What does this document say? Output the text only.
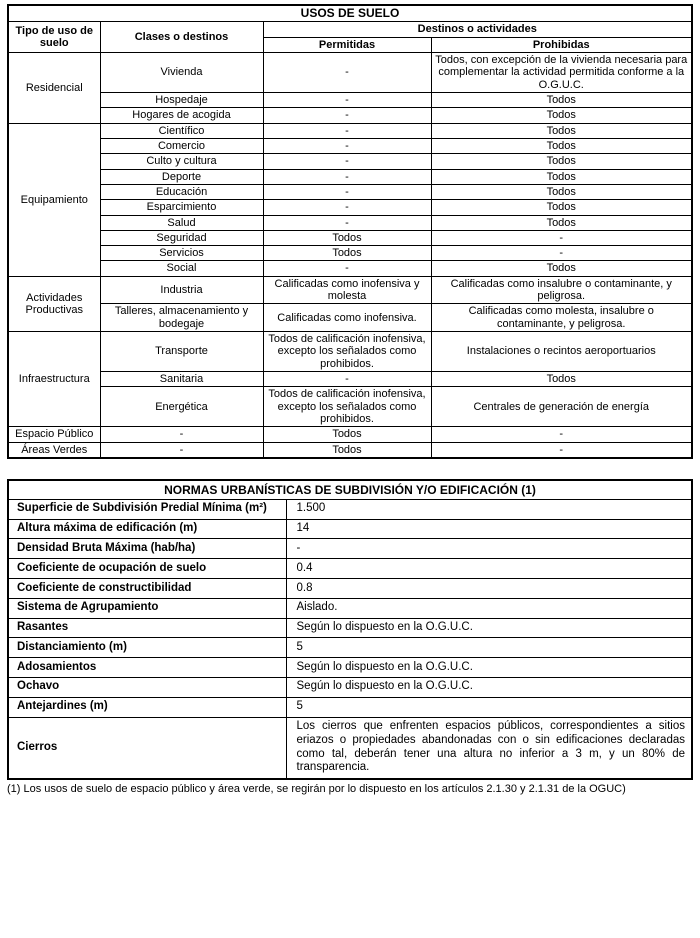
USOS DE SUELO			
Tipo de uso de suelo	Clases o destinos	Destinos o actividades	
		Permitidas	Prohibidas
Residencial	Vivienda	-	Todos, con excepción de la vivienda necesaria para complementar la actividad permitida conforme a la O.G.U.C.
	Hospedaje	-	Todos
	Hogares de acogida	-	Todos
Equipamiento	Científico	-	Todos
	Comercio	-	Todos
	Culto y cultura	-	Todos
	Deporte	-	Todos
	Educación	-	Todos
	Esparcimiento	-	Todos
	Salud	-	Todos
	Seguridad	Todos	-
	Servicios	Todos	-
	Social	-	Todos
Actividades Productivas	Industria	Calificadas como inofensiva y molesta	Calificadas como insalubre o contaminante, y peligrosa.
	Talleres, almacenamiento y bodegaje	Calificadas como inofensiva.	Calificadas como molesta, insalubre o contaminante, y peligrosa.
Infraestructura	Transporte	Todos de calificación inofensiva, excepto los señalados como prohibidos.	Instalaciones o recintos aeroportuarios
	Sanitaria	-	Todos
	Energética	Todos de calificación inofensiva, excepto los señalados como prohibidos.	Centrales de generación de energía
Espacio Público	-	Todos	-
Áreas Verdes	-	Todos	-
NORMAS URBANÍSTICAS DE SUBDIVISIÓN Y/O EDIFICACIÓN (1)	
Superficie de Subdivisión Predial Mínima (m²)	1.500
Altura máxima de edificación (m)	14
Densidad Bruta Máxima (hab/ha)	-
Coeficiente de ocupación de suelo	0.4
Coeficiente de constructibilidad	0.8
Sistema de Agrupamiento	Aislado.
Rasantes	Según lo dispuesto en la O.G.U.C.
Distanciamiento (m)	5
Adosamientos	Según lo dispuesto en la O.G.U.C.
Ochavo	Según lo dispuesto en la O.G.U.C.
Antejardines (m)	5
Cierros	Los cierros que enfrenten espacios públicos, correspondientes a sitios eriazos o propiedades abandonadas con o sin edificaciones declaradas como tal, deberán tener una altura no inferior a 3 m, y un 80% de transparencia.
(1) Los usos de suelo de espacio público y área verde, se regirán por lo dispuesto en los artículos 2.1.30 y 2.1.31 de la OGUC)
